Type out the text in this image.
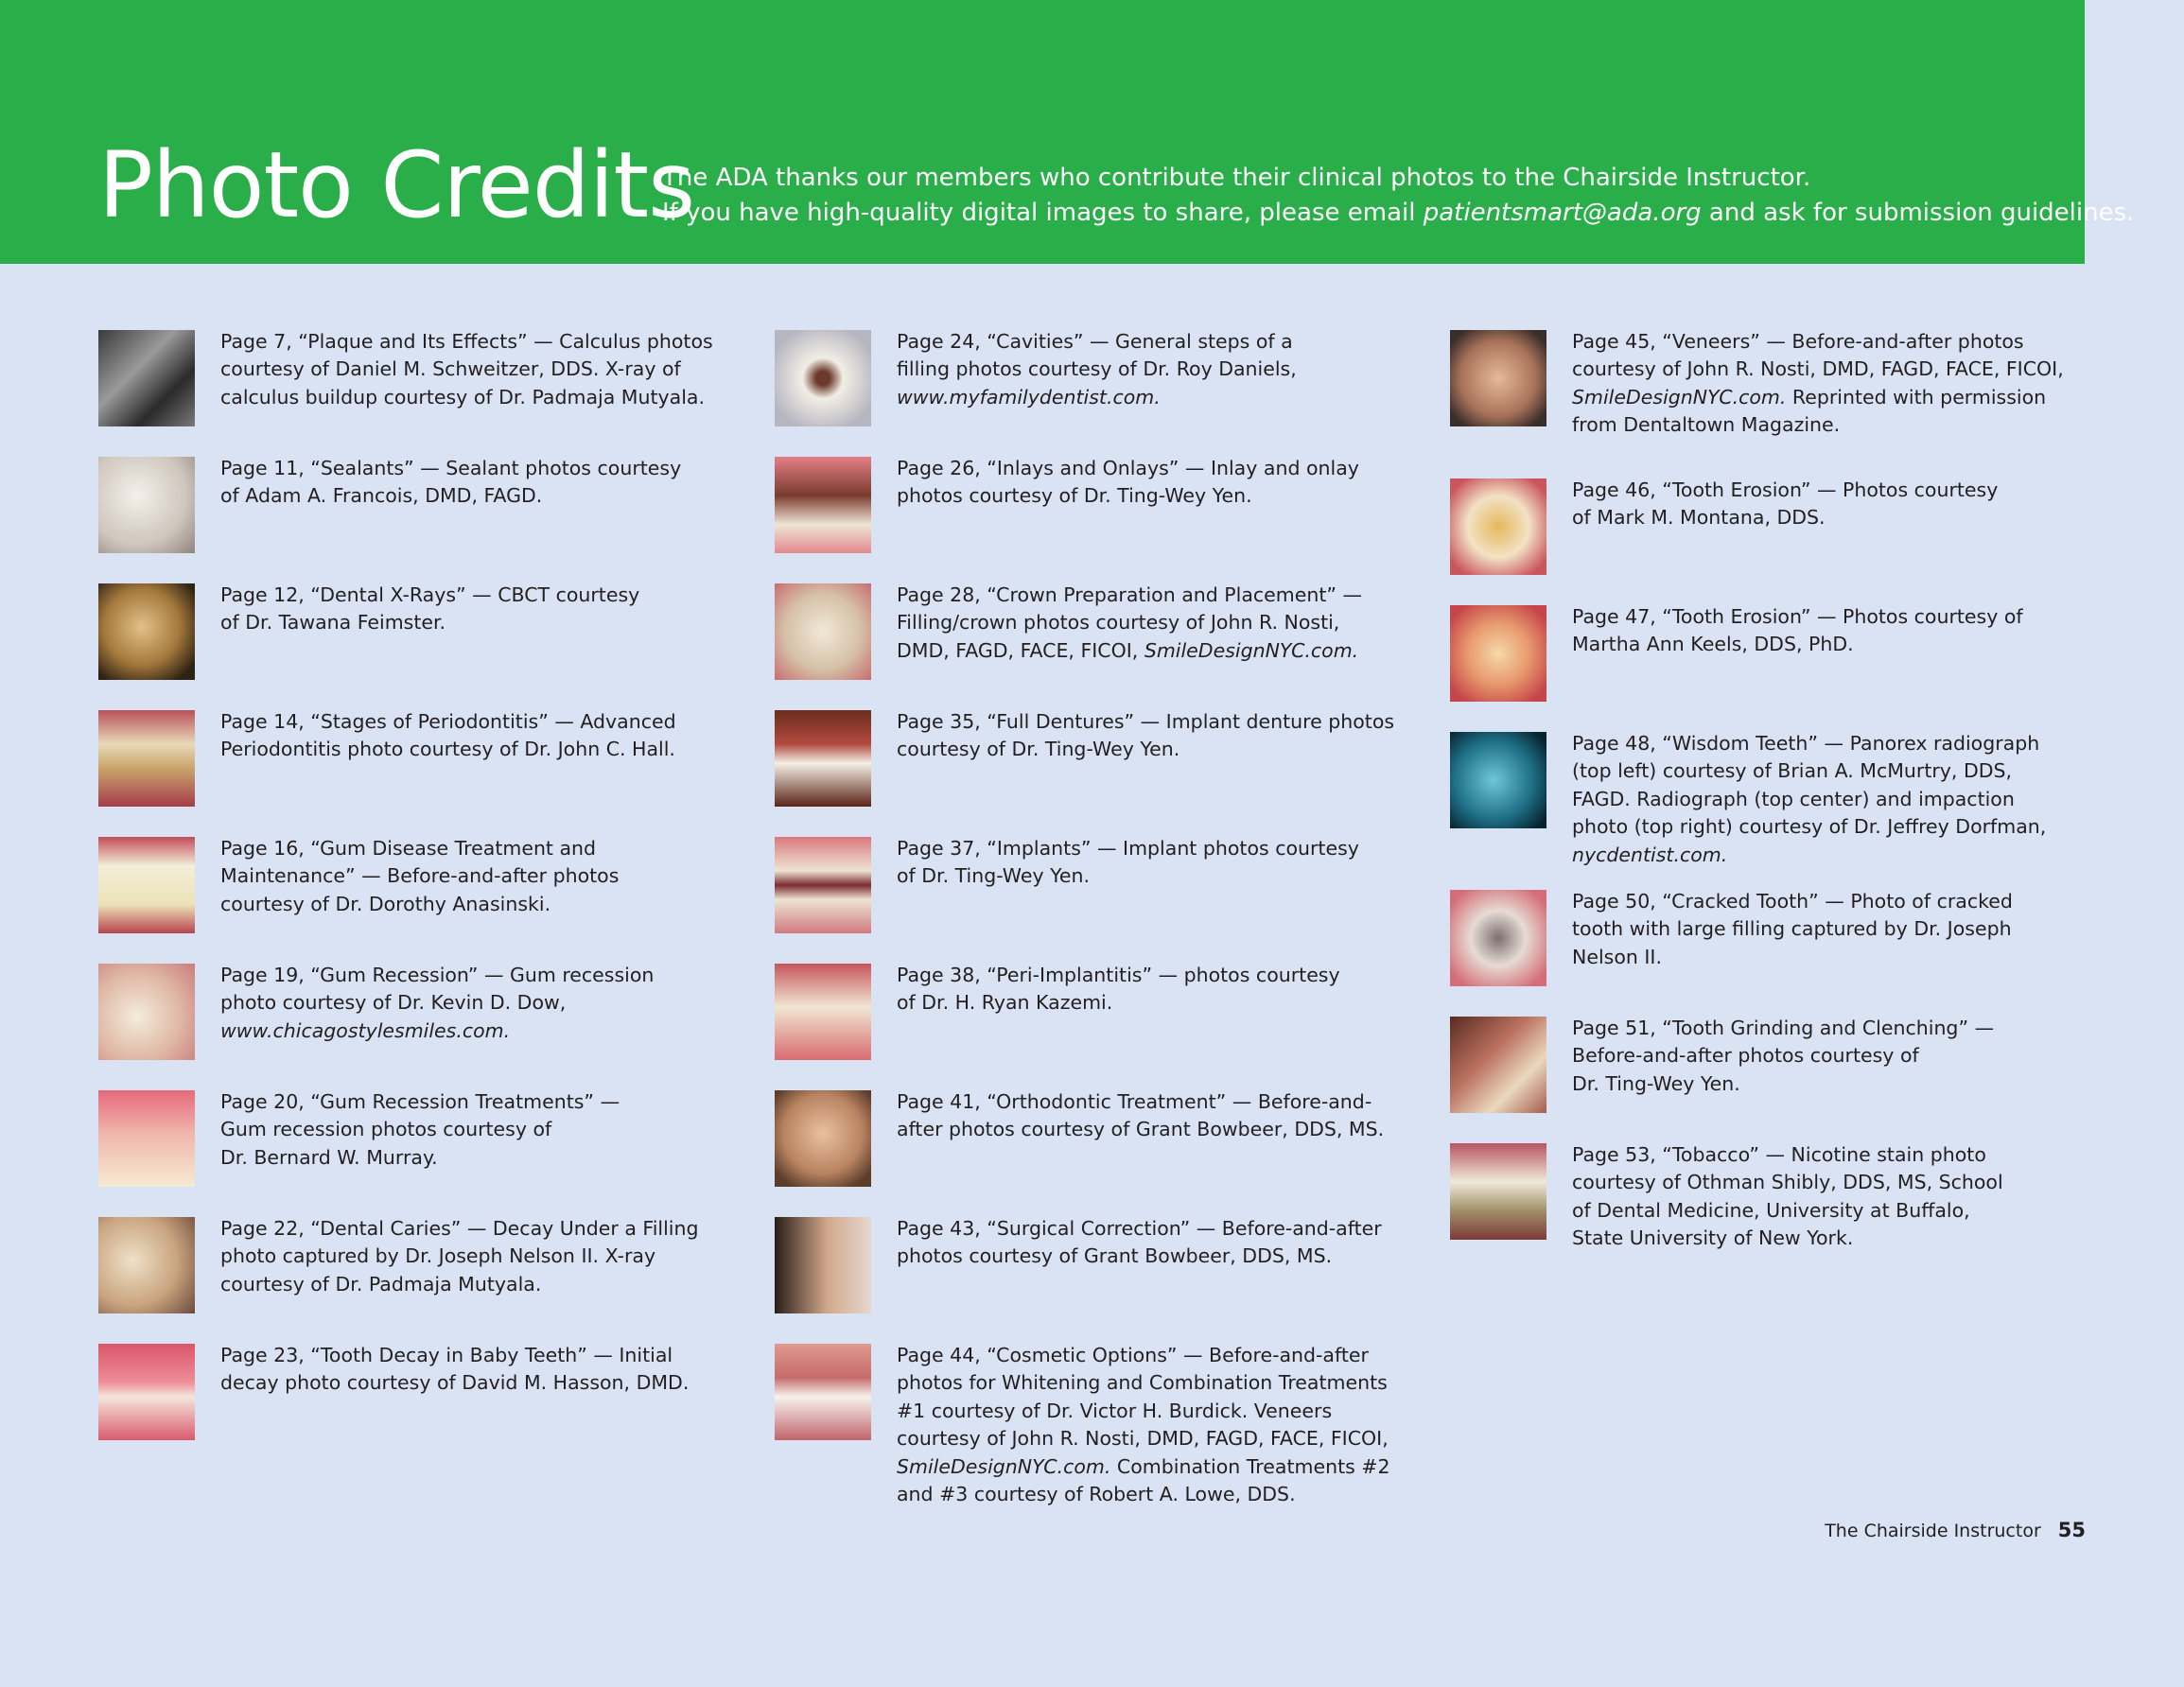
Photo Credits
The ADA thanks our members who contribute their clinical photos to the Chairside Instructor.
If you have high-quality digital images to share, please email patientsmart@ada.org and ask for submission guidelines.
Page 7, “Plaque and Its Effects” — Calculus photos
courtesy of Daniel M. Schweitzer, DDS. X-ray of
calculus buildup courtesy of Dr. Padmaja Mutyala.
Page 11, “Sealants” — Sealant photos courtesy
of Adam A. Francois, DMD, FAGD.
Page 12, “Dental X-Rays” — CBCT courtesy
of Dr. Tawana Feimster.
Page 14, “Stages of Periodontitis” — Advanced
Periodontitis photo courtesy of Dr. John C. Hall.
Page 16, “Gum Disease Treatment and
Maintenance” — Before-and-after photos
courtesy of Dr. Dorothy Anasinski.
Page 19, “Gum Recession” — Gum recession
photo courtesy of Dr. Kevin D. Dow,
www.chicagostylesmiles.com.
Page 20, “Gum Recession Treatments” —
Gum recession photos courtesy of
Dr. Bernard W. Murray.
Page 22, “Dental Caries” — Decay Under a Filling
photo captured by Dr. Joseph Nelson II. X-ray
courtesy of Dr. Padmaja Mutyala.
Page 23, “Tooth Decay in Baby Teeth” — Initial
decay photo courtesy of David M. Hasson, DMD.
Page 24, “Cavities” — General steps of a
filling photos courtesy of Dr. Roy Daniels,
www.myfamilydentist.com.
Page 26, “Inlays and Onlays” — Inlay and onlay
photos courtesy of Dr. Ting-Wey Yen.
Page 28, “Crown Preparation and Placement” —
Filling/crown photos courtesy of John R. Nosti,
DMD, FAGD, FACE, FICOI, SmileDesignNYC.com.
Page 35, “Full Dentures” — Implant denture photos
courtesy of Dr. Ting-Wey Yen.
Page 37, “Implants” — Implant photos courtesy
of Dr. Ting-Wey Yen.
Page 38, “Peri-Implantitis” — photos courtesy
of Dr. H. Ryan Kazemi.
Page 41, “Orthodontic Treatment” — Before-and-
after photos courtesy of Grant Bowbeer, DDS, MS.
Page 43, “Surgical Correction” — Before-and-after
photos courtesy of Grant Bowbeer, DDS, MS.
Page 44, “Cosmetic Options” — Before-and-after
photos for Whitening and Combination Treatments
#1 courtesy of Dr. Victor H. Burdick. Veneers
courtesy of John R. Nosti, DMD, FAGD, FACE, FICOI,
SmileDesignNYC.com. Combination Treatments #2
and #3 courtesy of Robert A. Lowe, DDS.
Page 45, “Veneers” — Before-and-after photos
courtesy of John R. Nosti, DMD, FAGD, FACE, FICOI,
SmileDesignNYC.com. Reprinted with permission
from Dentaltown Magazine.
Page 46, “Tooth Erosion” — Photos courtesy
of Mark M. Montana, DDS.
Page 47, “Tooth Erosion” — Photos courtesy of
Martha Ann Keels, DDS, PhD.
Page 48, “Wisdom Teeth” — Panorex radiograph
(top left) courtesy of Brian A. McMurtry, DDS,
FAGD. Radiograph (top center) and impaction
photo (top right) courtesy of Dr. Jeffrey Dorfman,
nycdentist.com.
Page 50, “Cracked Tooth” — Photo of cracked
tooth with large filling captured by Dr. Joseph
Nelson II.
Page 51, “Tooth Grinding and Clenching” —
Before-and-after photos courtesy of
Dr. Ting-Wey Yen.
Page 53, “Tobacco” — Nicotine stain photo
courtesy of Othman Shibly, DDS, MS, School
of Dental Medicine, University at Buffalo,
State University of New York.
The Chairside Instructor 55
